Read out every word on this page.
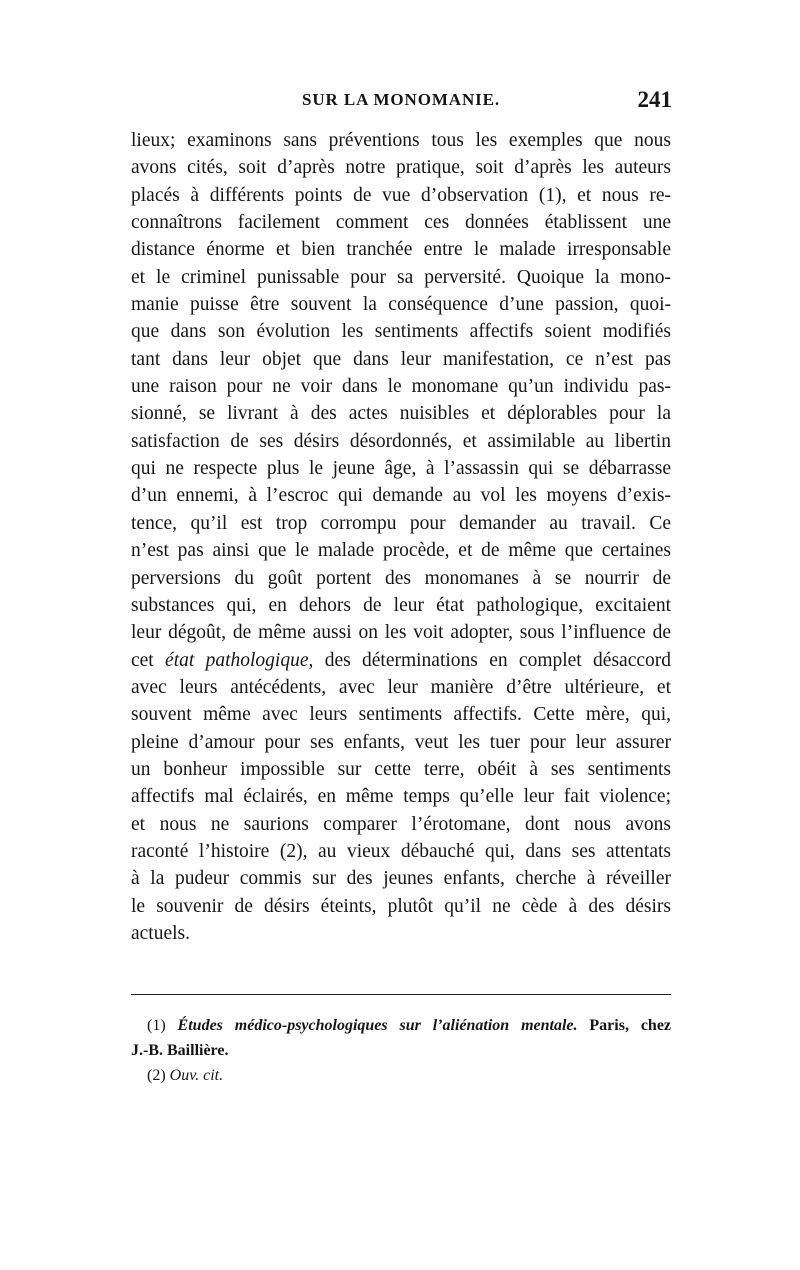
SUR LA MONOMANIE.	241
lieux; examinons sans préventions tous les exemples que nous
avons cités, soit d’après notre pratique, soit d’après les auteurs
placés à différents points de vue d’observation (1), et nous re-
connaîtrons facilement comment ces données établissent une
distance énorme et bien tranchée entre le malade irresponsable
et le criminel punissable pour sa perversité. Quoique la mono-
manie puisse être souvent la conséquence d’une passion, quoi-
que dans son évolution les sentiments affectifs soient modifiés
tant dans leur objet que dans leur manifestation, ce n’est pas
une raison pour ne voir dans le monomane qu’un individu pas-
sionné, se livrant à des actes nuisibles et déplorables pour la
satisfaction de ses désirs désordonnés, et assimilable au libertin
qui ne respecte plus le jeune âge, à l’assassin qui se débarrasse
d’un ennemi, à l’escroc qui demande au vol les moyens d’exis-
tence, qu’il est trop corrompu pour demander au travail. Ce
n’est pas ainsi que le malade procède, et de même que certaines
perversions du goût portent des monomanes à se nourrir de
substances qui, en dehors de leur état pathologique, excitaient
leur dégoût, de même aussi on les voit adopter, sous l’influence de
cet état pathologique, des déterminations en complet désaccord
avec leurs antécédents, avec leur manière d’être ultérieure, et
souvent même avec leurs sentiments affectifs. Cette mère, qui,
pleine d’amour pour ses enfants, veut les tuer pour leur assurer
un bonheur impossible sur cette terre, obéit à ses sentiments
affectifs mal éclairés, en même temps qu’elle leur fait violence;
et nous ne saurions comparer l’érotomane, dont nous avons
raconté l’histoire (2), au vieux débauché qui, dans ses attentats
à la pudeur commis sur des jeunes enfants, cherche à réveiller
le souvenir de désirs éteints, plutôt qu’il ne cède à des désirs
actuels.
(1) Études médico-psychologiques sur l’aliénation mentale. Paris, chez
J.-B. Baillière.
(2) Ouv. cit.
